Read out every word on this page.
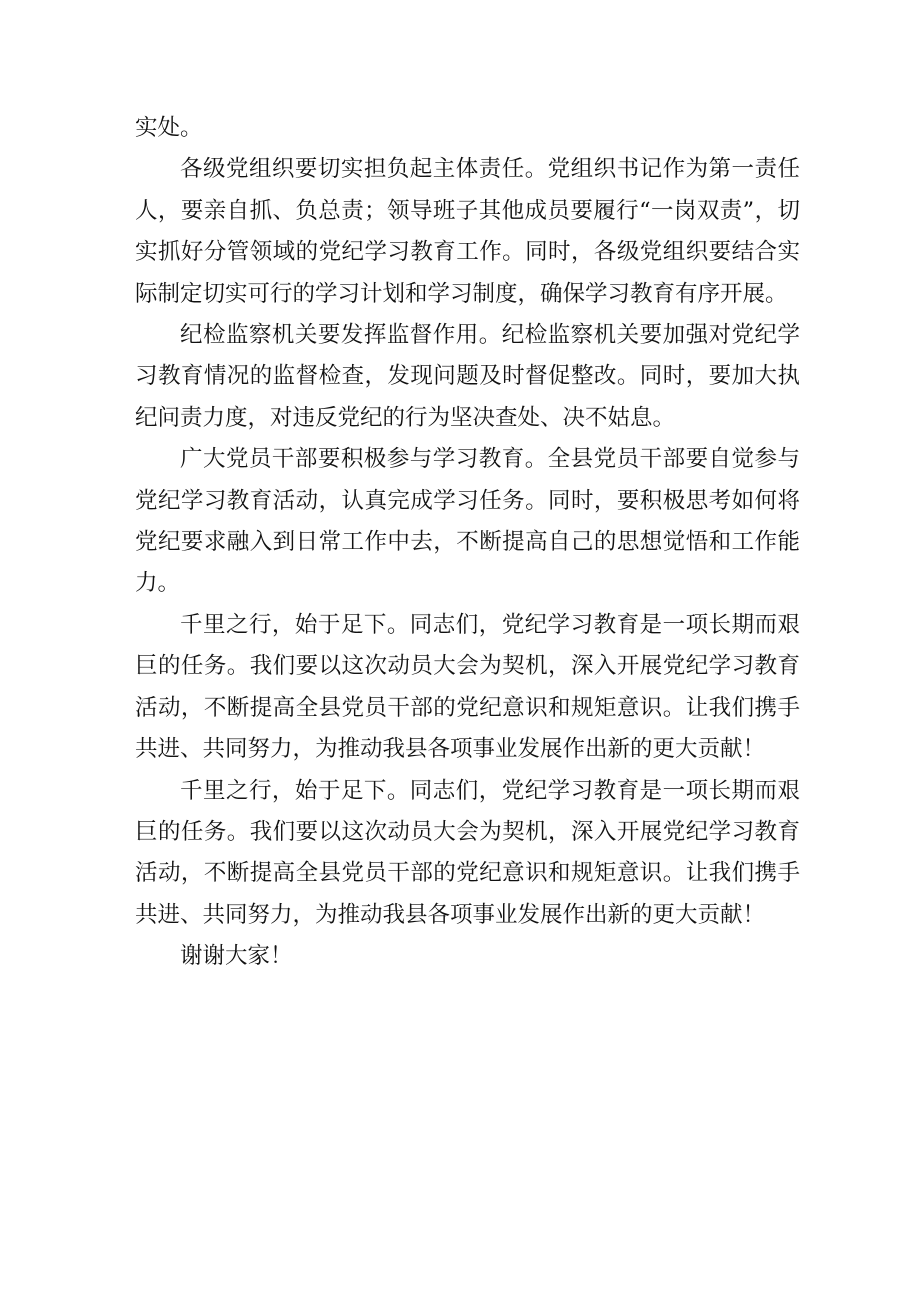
实处。

各级党组织要切实担负起主体责任。党组织书记作为第一责任人，要亲自抓、负总责；领导班子其他成员要履行“一岗双责”，切实抓好分管领域的党纪学习教育工作。同时，各级党组织要结合实际制定切实可行的学习计划和学习制度，确保学习教育有序开展。

纪检监察机关要发挥监督作用。纪检监察机关要加强对党纪学习教育情况的监督检查，发现问题及时督促整改。同时，要加大执纪问责力度，对违反党纪的行为坚决查处、决不姑息。

广大党员干部要积极参与学习教育。全县党员干部要自觉参与党纪学习教育活动，认真完成学习任务。同时，要积极思考如何将党纪要求融入到日常工作中去，不断提高自己的思想觉悟和工作能力。

千里之行，始于足下。同志们，党纪学习教育是一项长期而艰巨的任务。我们要以这次动员大会为契机，深入开展党纪学习教育活动，不断提高全县党员干部的党纪意识和规矩意识。让我们携手共进、共同努力，为推动我县各项事业发展作出新的更大贡献！

千里之行，始于足下。同志们，党纪学习教育是一项长期而艰巨的任务。我们要以这次动员大会为契机，深入开展党纪学习教育活动，不断提高全县党员干部的党纪意识和规矩意识。让我们携手共进、共同努力，为推动我县各项事业发展作出新的更大贡献！

谢谢大家！
